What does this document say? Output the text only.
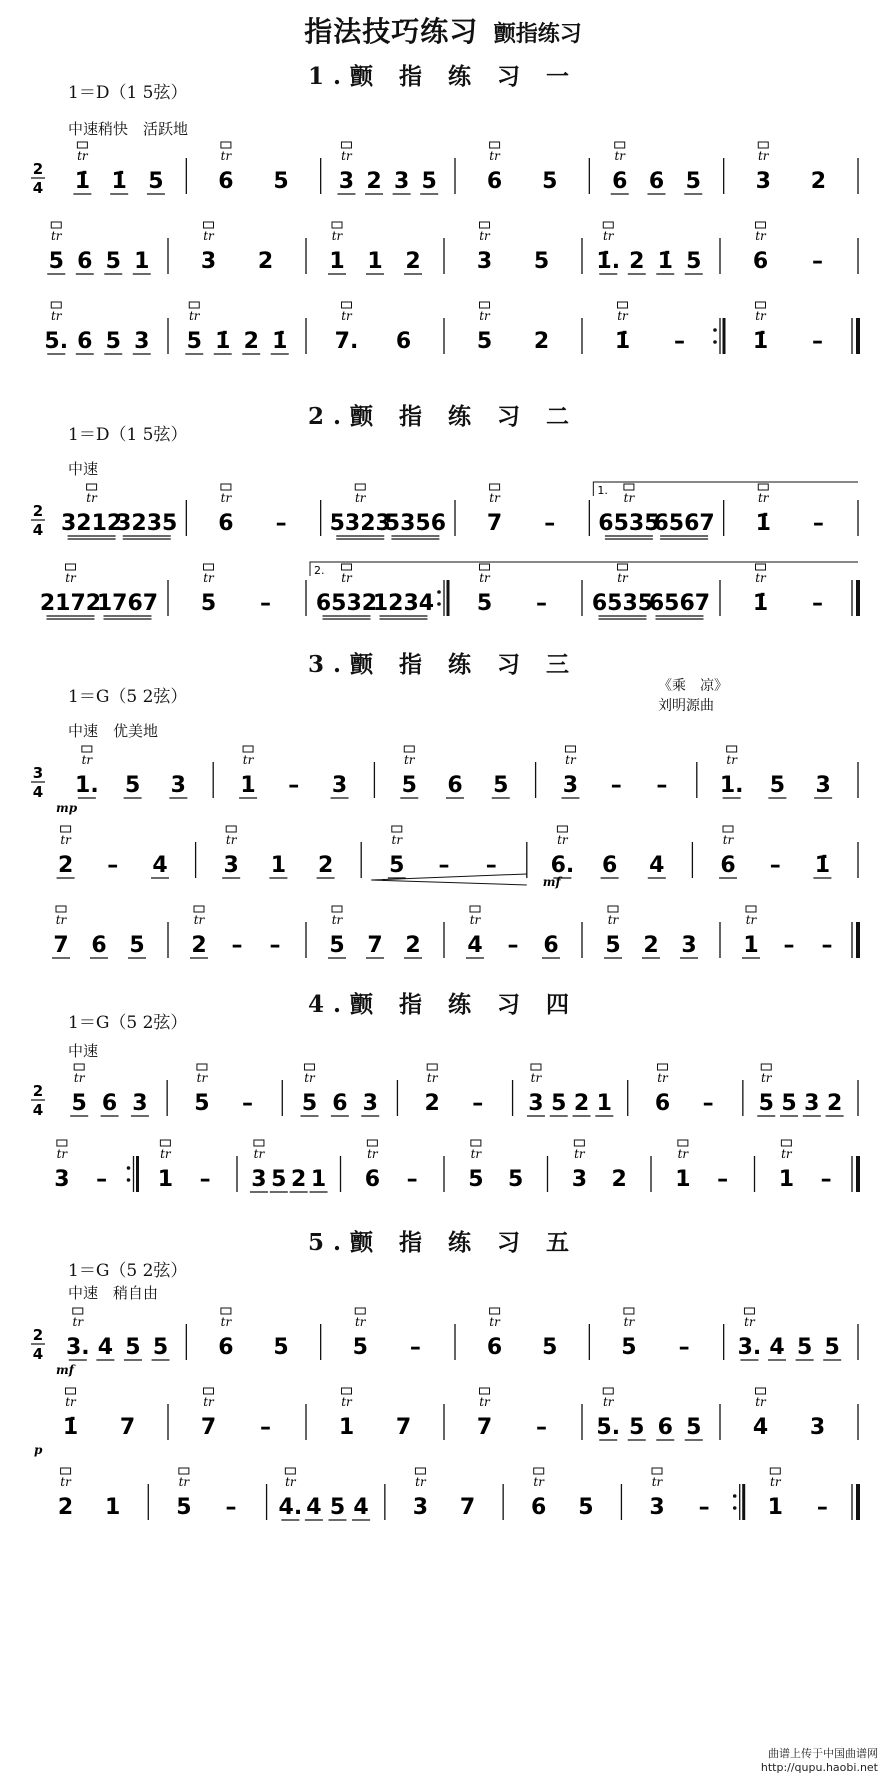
指法技巧练习 颤指练习
1.颤 指 练 习 一
1＝D（1 5弦）
中速稍快　活跃地
2
4 1̇
tr
1̇ 5 6
tr
5 3
tr
2 3 5 6
tr
5 6
tr
6 5 3
tr
2
5
tr
6 5 1 3
tr
2	1
tr
1 2	3
tr
5 1̇.
tr
2 1̇ 5 6
tr
–
5.
tr
6 5 3 5
tr
1̇ 2 1̇ 7.
tr
6	5
tr
2	1̇
tr
–	1̇
tr
–
2.颤 指 练 习 二
1＝D（1 5弦）
中速
2
4 3212
tr
3235 6
tr
– 5323
tr
5356 7
tr
– 6535
tr
6567 1̇
tr
–
1.
2172
tr
1767 5
tr
– 6532
tr
1234 5
tr
– 6535
tr
6567 1̇
tr
–
2.
3.颤 指 练 习 三
1＝G（5 2弦）
《乘　凉》
刘明源曲
中速　优美地
3
4 1.
tr
5 3 1
tr
– 3 5
tr
6 5 3
tr
– – 1.
tr
5 3
mp
2
tr
– 4	3
tr
1 2	5
tr
– – 6.
tr
6 4	6
tr
– 1̇
mf
7
tr
6 5 2
tr
– – 5
tr
7 2 4
tr
– 6 5
tr
2 3 1
tr
– –
4.颤 指 练 习 四
1＝G（5 2弦）
中速
2
4 5
tr
6 3 5
tr
– 5
tr
6 3 2
tr
– 3
tr
5 2 1 6
tr
– 5
tr
5 3 2
3
tr
– 1
tr
– 3
tr
5 2 1 6
tr
– 5
tr
5 3
tr
2 1
tr
– 1
tr
–
5.颤 指 练 习 五
1＝G（5 2弦）
中速　稍自由
2
4 3.
tr
4 5 5 6
tr
5	5
tr
–	6
tr
5	5
tr
– 3.
tr
4 5 5
mf
1̇
tr
7	7
tr
–	1
tr
7	7
tr
– 5.
tr
5 6 5 4
tr
3
p
2
tr
1	5
tr
– 4.
tr
4 5 4 3
tr
7	6
tr
5	3
tr
–	1
tr
–
曲谱上传于中国曲谱网
http://qupu.haobi.net
